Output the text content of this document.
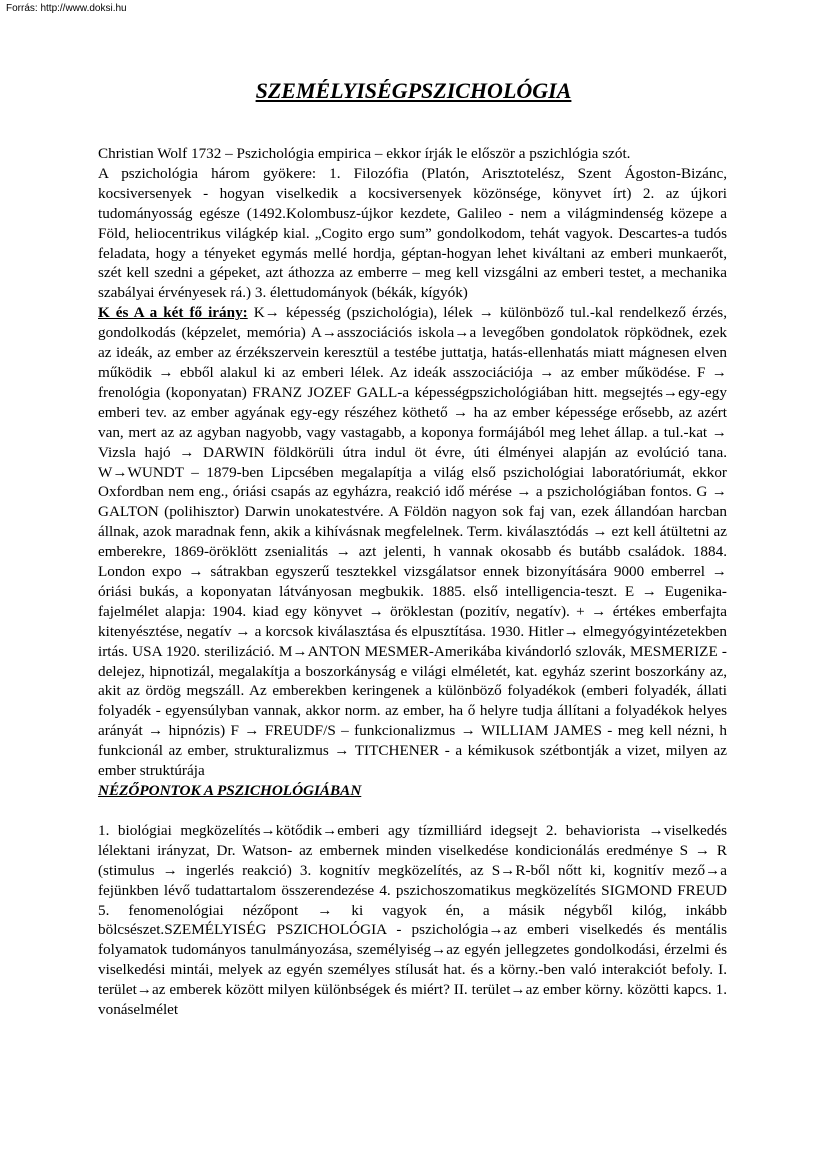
Forrás: http://www.doksi.hu
SZEMÉLYISÉGPSZICHOLÓGIA

Christian Wolf 1732 – Pszichológia empirica – ekkor írják le először a pszichlógia szót.

A pszichológia három gyökere: 1. Filozófia (Platón, Arisztotelész, Szent Ágoston-Bizánc, kocsiversenyek - hogyan viselkedik a kocsiversenyek közönsége, könyvet írt) 2. az újkori tudományosság egésze (1492.Kolombusz-újkor kezdete, Galileo - nem a világmindenség közepe a Föld, heliocentrikus világkép kial. „Cogito ergo sum” gondolkodom, tehát vagyok. Descartes-a tudós feladata, hogy a tényeket egymás mellé hordja, géptan-hogyan lehet kiváltani az emberi munkaerőt, szét kell szedni a gépeket, azt áthozza az emberre – meg kell vizsgálni az emberi testet, a mechanika szabályai érvényesek rá.) 3. élettudományok (békák, kígyók)

K és A a két fő irány: K→ képesség (pszichológia), lélek → különböző tul.-kal rendelkező érzés, gondolkodás (képzelet, memória) A→asszociációs iskola→a levegőben gondolatok röpködnek, ezek az ideák, az ember az érzékszervein keresztül a testébe juttatja, hatás-ellenhatás miatt mágnesen elven működik → ebből alakul ki az emberi lélek. Az ideák asszociációja → az ember működése. F → frenológia (koponyatan) FRANZ JOZEF GALL-a képességpszichológiában hitt. megsejtés→egy-egy emberi tev. az ember agyának egy-egy részéhez köthető → ha az ember képessége erősebb, az azért van, mert az az agyban nagyobb, vagy vastagabb, a koponya formájából meg lehet állap. a tul.-kat → Vizsla hajó → DARWIN földkörüli útra indul öt évre, úti élményei alapján az evolúció tana. W→WUNDT – 1879-ben Lipcsében megalapítja a világ első pszichológiai laboratóriumát, ekkor Oxfordban nem eng., óriási csapás az egyházra, reakció idő mérése → a pszichológiában fontos. G → GALTON (polihisztor) Darwin unokatestvére. A Földön nagyon sok faj van, ezek állandóan harcban állnak, azok maradnak fenn, akik a kihívásnak megfelelnek. Term. kiválasztódás → ezt kell átültetni az emberekre, 1869-öröklött zsenialitás → azt jelenti, h vannak okosabb és butább családok. 1884. London expo → sátrakban egyszerű tesztekkel vizsgálatsor ennek bizonyítására 9000 emberrel → óriási bukás, a koponyatan látványosan megbukik. 1885. első intelligencia-teszt. E → Eugenika-fajelmélet alapja: 1904. kiad egy könyvet → öröklestan (pozitív, negatív). + → értékes emberfajta kitenyésztése, negatív → a korcsok kiválasztása és elpusztítása. 1930. Hitler→ elmegyógyintézetekben irtás. USA 1920. sterilizáció. M→ANTON MESMER-Amerikába kivándorló szlovák, MESMERIZE - delejez, hipnotizál, megalakítja a boszorkányság e világi elméletét, kat. egyház szerint boszorkány az, akit az ördög megszáll. Az emberekben keringenek a különböző folyadékok (emberi folyadék, állati folyadék - egyensúlyban vannak, akkor norm. az ember, ha ő helyre tudja állítani a folyadékok helyes arányát → hipnózis) F → FREUDF/S – funkcionalizmus → WILLIAM JAMES - meg kell nézni, h funkcionál az ember, strukturalizmus → TITCHENER - a kémikusok szétbontják a vizet, milyen az ember struktúrája

NÉZŐPONTOK A PSZICHOLÓGIÁBAN

1. biológiai megközelítés→kötődik→emberi agy tízmilliárd idegsejt 2. behaviorista →viselkedés lélektani irányzat, Dr. Watson- az embernek minden viselkedése kondicionálás eredménye S → R (stimulus → ingerlés reakció) 3. kognitív megközelítés, az S→R-ből nőtt ki, kognitív mező→a fejünkben lévő tudattartalom összerendezése 4. pszichoszomatikus megközelítés SIGMOND FREUD 5. fenomenológiai nézőpont → ki vagyok én, a másik négyből kilóg, inkább bölcsészet.SZEMÉLYISÉG PSZICHOLÓGIA - pszichológia→az emberi viselkedés és mentális folyamatok tudományos tanulmányozása, személyiség→az egyén jellegzetes gondolkodási, érzelmi és viselkedési mintái, melyek az egyén személyes stílusát hat. és a körny.-ben való interakciót befoly. I. terület→az emberek között milyen különbségek és miért? II. terület→az ember körny. közötti kapcs. 1. vonáselmélet
